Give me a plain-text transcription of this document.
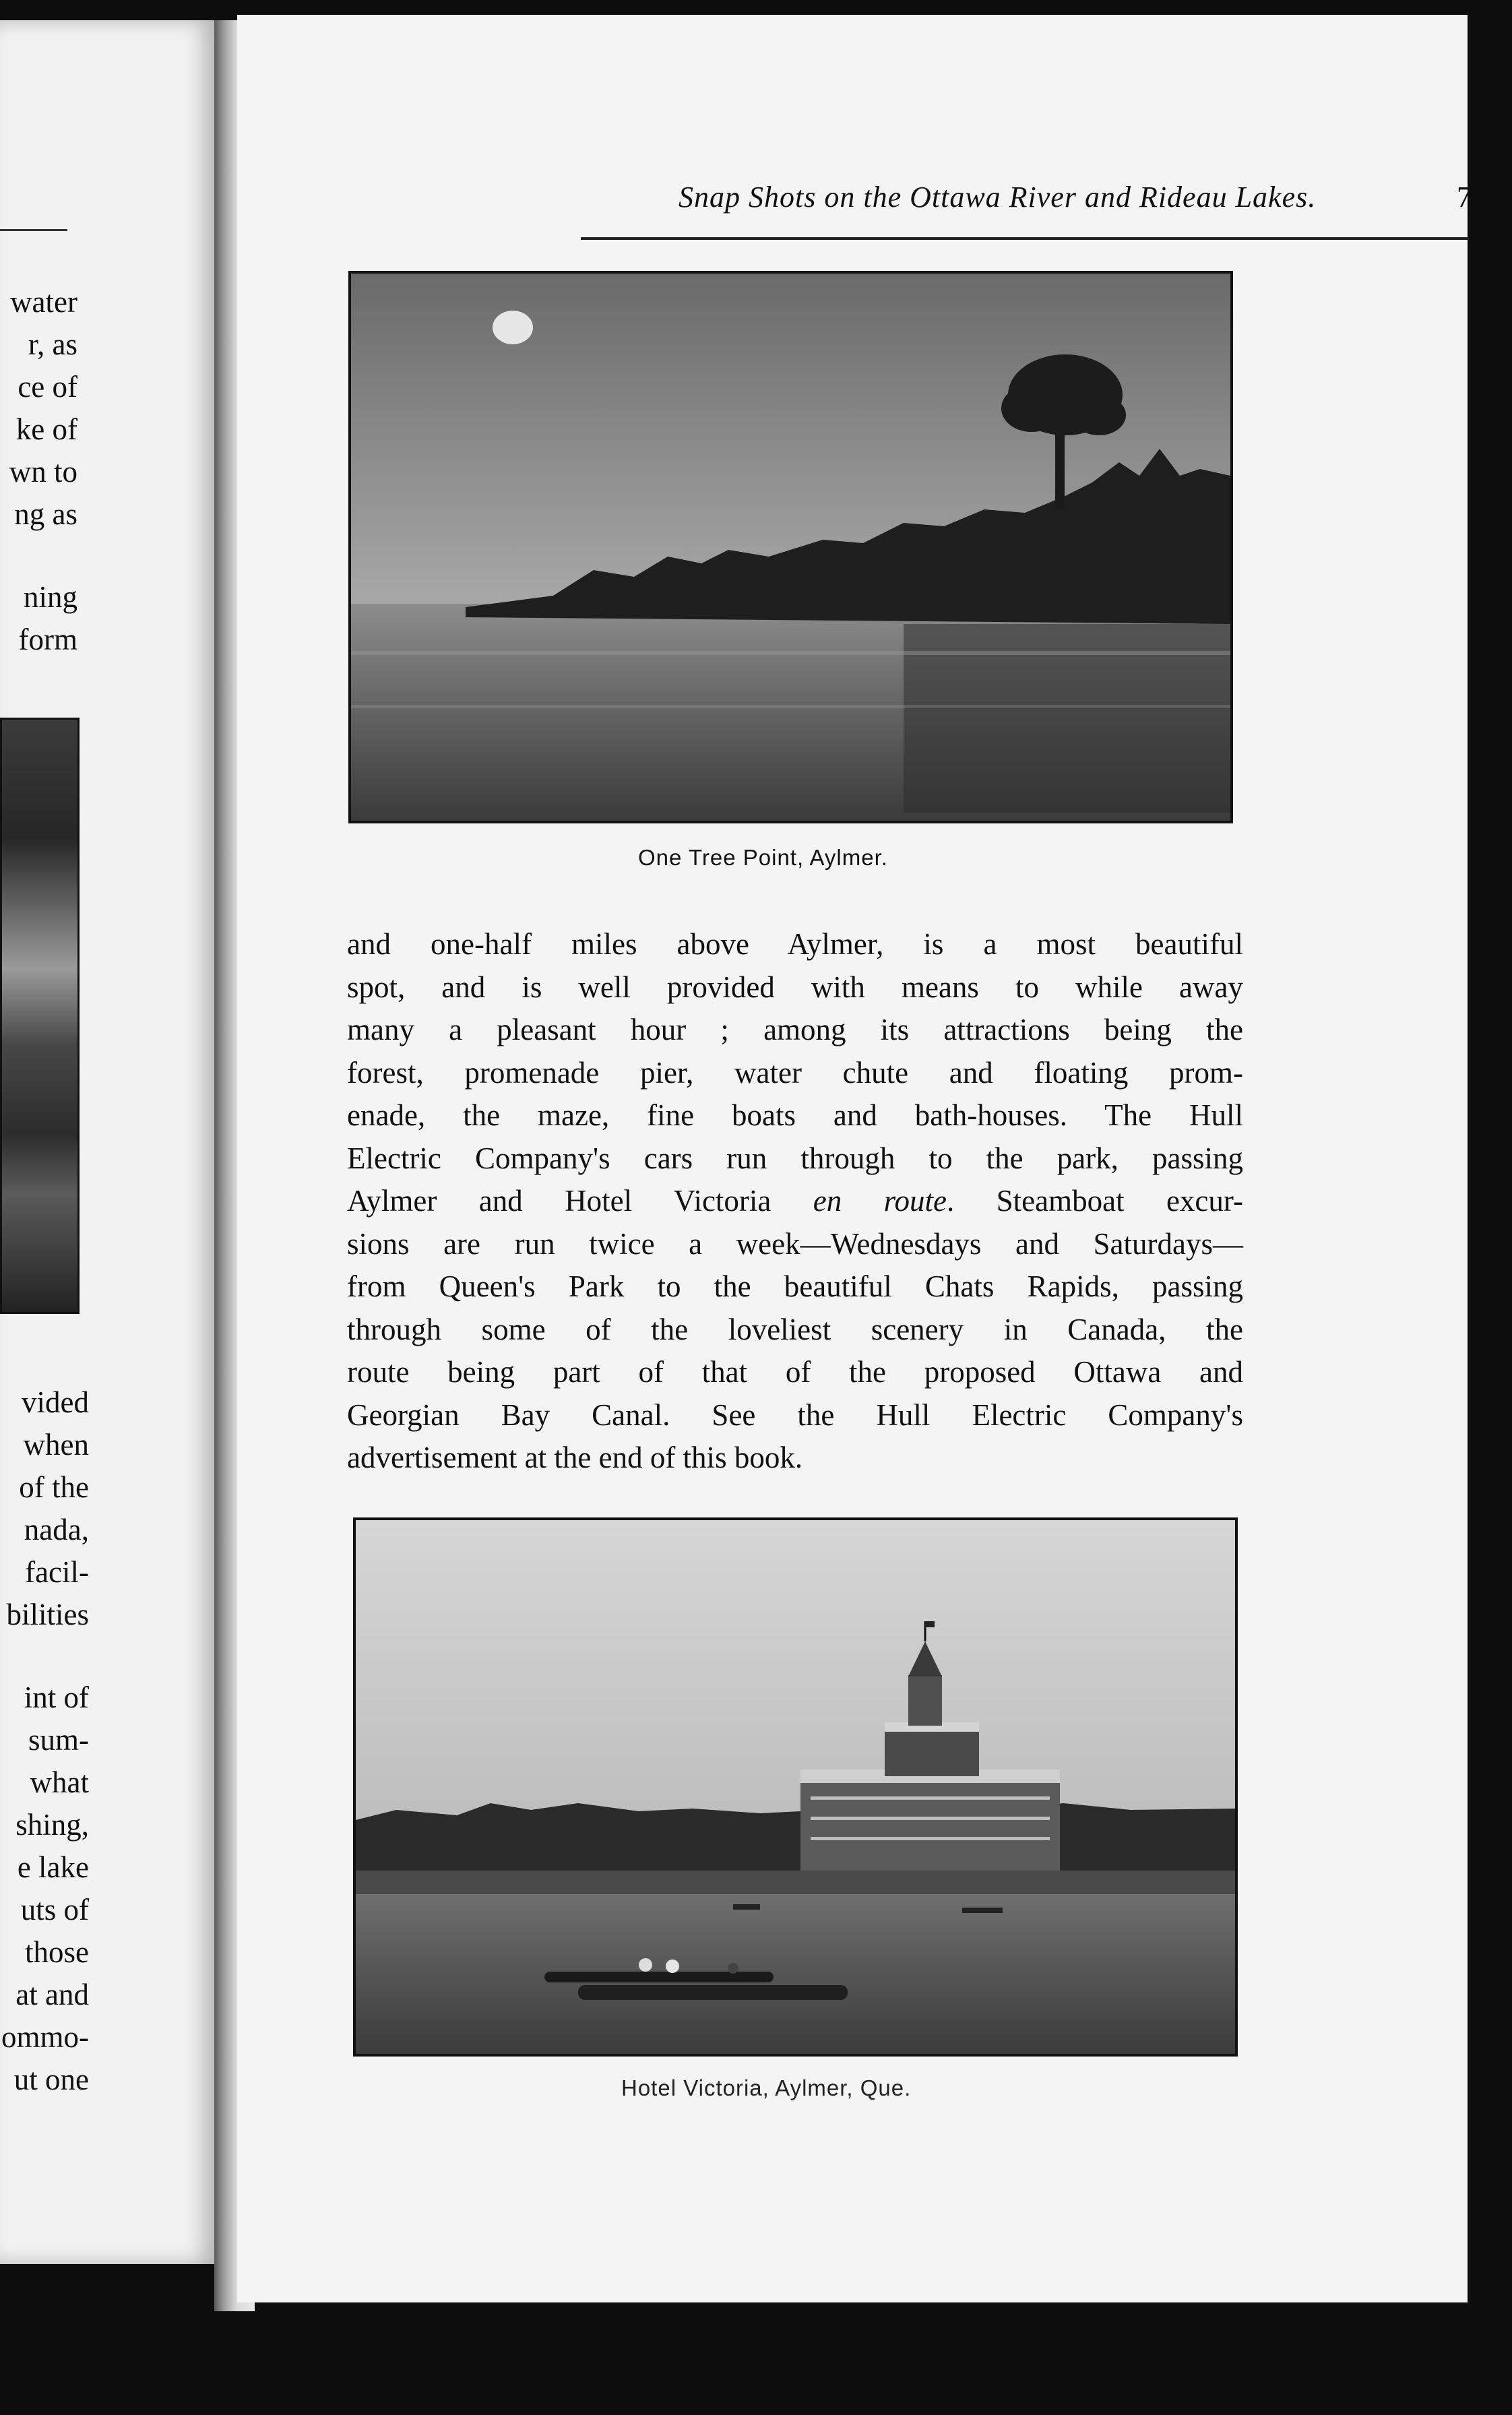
water
r, as
ce of
ke of
wn to
ng as
ning
form
vided
when
of the
nada,
facil-
bilities
int of
sum-
what
shing,
e lake
uts of
those
at and
ommo-
ut one
Snap Shots on the Ottawa River and Rideau Lakes.	7
One Tree Point, Aylmer.
and one-half miles above Aylmer, is a most beautiful
spot, and is well provided with means to while away
many a pleasant hour ; among its attractions being the
forest, promenade pier, water chute and floating prom-
enade, the maze, fine boats and bath-houses. The Hull
Electric Company's cars run through to the park, passing
Aylmer and Hotel Victoria en route. Steamboat excur-
sions are run twice a week—Wednesdays and Saturdays—
from Queen's Park to the beautiful Chats Rapids, passing
through some of the loveliest scenery in Canada, the
route being part of that of the proposed Ottawa and
Georgian Bay Canal. See the Hull Electric Company's
advertisement at the end of this book.
Hotel Victoria, Aylmer, Que.
